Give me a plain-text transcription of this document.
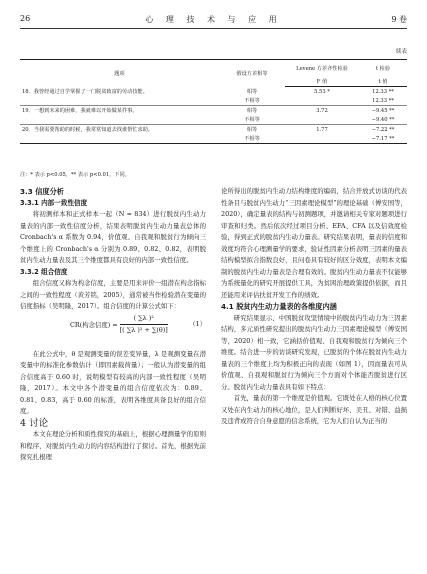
26	心 理 技 术 与 应 用	9 卷
续表
题项	假设方差相等	Levene 方差齐性检验	t 检验
		F 值	t 值
18．我曾经通过自学掌握了一门脱贫致富的劳动技能。	相等	5.53 *	12.33 **
	不相等		12.33 **
19．一想到未来的困难，我就难以开始做某件事。	相等	3.72	−9.45 **
	不相等		−9.40 **
20．当我需要帮助的时候，我常常知道去找谁帮忙求助。	相等	1.77	−7.22 **
	不相等		−7.17 **
注：* 表示 p<0.05，** 表示 p<0.01，下同。
3.3 信度分析
3.3.1 内部一致性信度

将初测样本和正式样本一起（N = 834）进行脱贫内生动力量表的内部一致性信度分析，结果表明脱贫内生动力量表总体的 Cronbach's α 系数为 0.94，价值观、自我观和脱贫行为倾向三个维度上的 Cronbach's α 分别为 0.89、0.82、0.82，表明脱贫内生动力量表及其三个维度都具有良好的内部一致性信度。

3.3.2 组合信度

组合信度又称为构念信度，主要是用来评价一组潜在构念指标之间的一致性程度（黄芳铭，2005），通常被当作检验潜在变量的信度指标（吴明隆，2017）。组合信度的计算公式如下：

CR(构念信度) = $\frac{\text{( ∑λ )²}}{\text{[( ∑λ )² + ∑(θ)]}}$	（1）

在此公式中，θ 是观测变量的误差变异量，λ 是观测变量在潜变量中的标准化参数估计（即因素载荷量）；一般认为潜变量的组合信度高于 0.60 时，说明模型有较高的内部一致性程度（吴明隆，2017）。本文中各个潜变量的组合信度依次为：0.89、0.81、0.83，高于 0.60 的标准，表明各维度具备良好的组合信度。

4 讨论

本文在理论分析和质性探究的基础上，根据心理测量学的原则和程序，对脱贫内生动力的内容结构进行了探讨。首先，根据先前探究扎根理

论所得出的脱贫内生动力结构维度的编码，结合开放式访谈的代表性条目与脱贫内生动力“三因素理论模型”的理论基础（傅安国等，2020），确定量表的结构与初测题项，并邀请相关专家对题项进行审查和归类。然后依次经过项目分析、EFA、CFA 以及信效度检验，得到正式的脱贫内生动力量表。研究结果表明，量表的信度和效度均符合心理测量学的要求，验证性因素分析表明三因素的量表结构模型拟合指数良好，且问卷具有较好的区分效度，表明本文编制的脱贫内生动力量表是合理有效的。脱贫内生动力量表不仅能够为系统量化的研究开展提供工具，为贫困治理政策提供依据，而且还能用来评估扶贫开发工作的绩效。

4.1 脱贫内生动力量表的各维度内涵

研究结果显示，中国脱贫攻坚情境中的脱贫内生动力为三因素结构，多元质性研究提出的脱贫内生动力三因素理论模型（傅安国等，2020）相一致，它涵括价值观、自我观和脱贫行为倾向三个维度。结合进一步的访谈研究发现，已脱贫的个体在脱贫内生动力量表的三个维度上均为积极正向的表现（如图 1），因而量表可从价值观、自我观和脱贫行为倾向三个方面对个体能否脱贫进行区分。脱贫内生动力量表具有如下特点：

首先，量表的第一个维度是价值观。它既处在人格的核心位置又处在内生动力的核心地位，是人们判断好坏、美丑、对错、益损及违背或符合自身意愿的信念系统，它为人们自认为正当的
